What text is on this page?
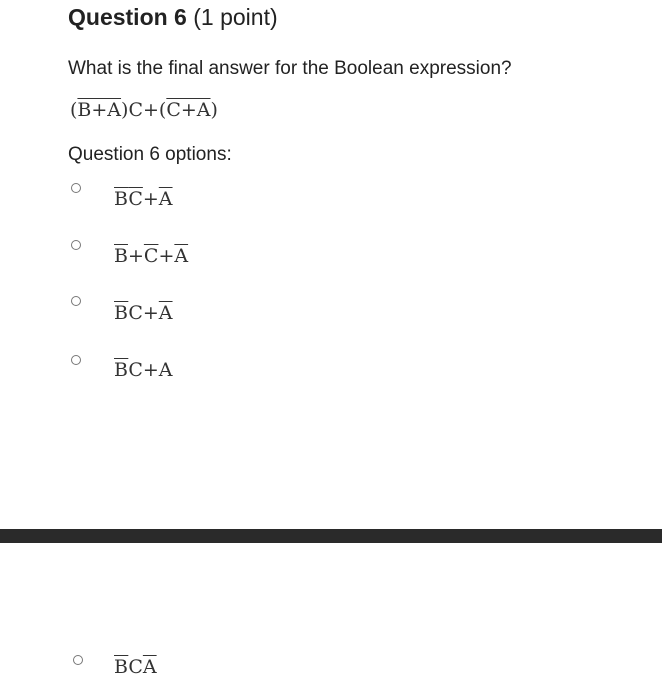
Question 6 (1 point)
What is the final answer for the Boolean expression?
(B+A)C+(C+A)
Question 6 options:
$\overline{B}\overline{C}+\overline{A}$
$\overline{B}+\overline{C}+\overline{A}$
$\overline{B}C+\overline{A}$
$\overline{B}C+A$
$\overline{B}C\overline{A}$
